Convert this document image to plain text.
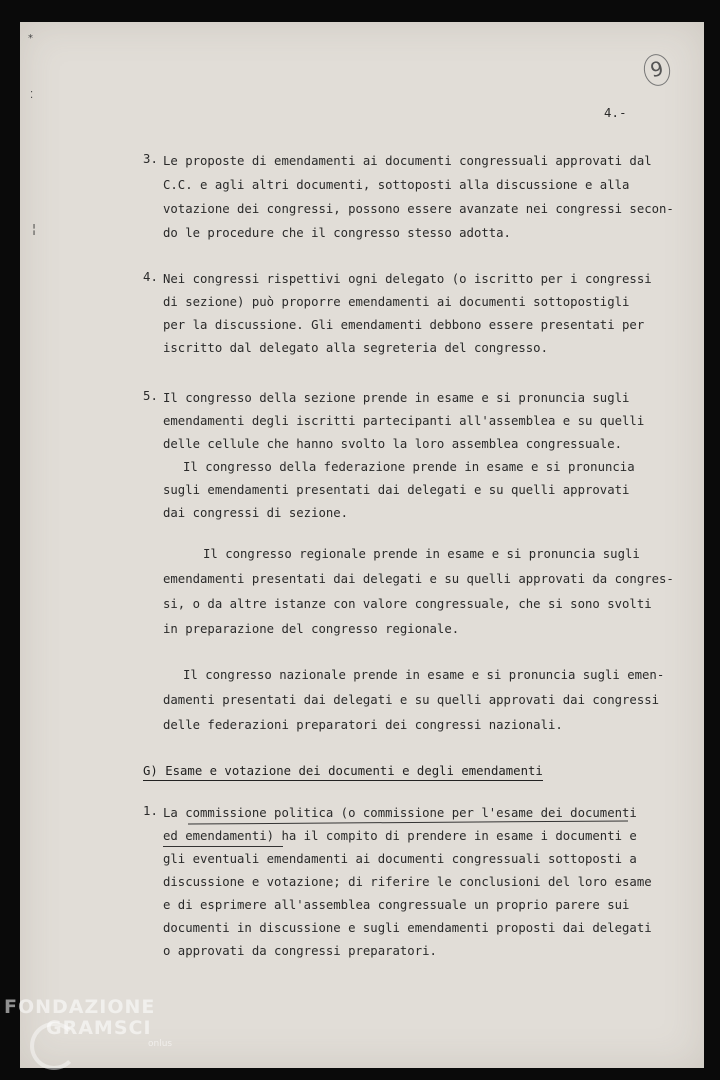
9
4.-
⁎
⁚
¦
3. Le proposte di emendamenti ai documenti congressuali approvati dal
C.C. e agli altri documenti, sottoposti alla discussione e alla
votazione dei congressi, possono essere avanzate nei congressi secon-
do le procedure che il congresso stesso adotta.
4. Nei congressi rispettivi ogni delegato (o iscritto per i congressi
di sezione) può proporre emendamenti ai documenti sottopostigli
per la discussione. Gli emendamenti debbono essere presentati per
iscritto dal delegato alla segreteria del congresso.
5. Il congresso della sezione prende in esame e si pronuncia sugli
emendamenti degli iscritti partecipanti all'assemblea e su quelli
delle cellule che hanno svolto la loro assemblea congressuale.
Il congresso della federazione prende in esame e si pronuncia
sugli emendamenti presentati dai delegati e su quelli approvati
dai congressi di sezione.
Il congresso regionale prende in esame e si pronuncia sugli
emendamenti presentati dai delegati e su quelli approvati da congres-
si, o da altre istanze con valore congressuale, che si sono svolti
in preparazione del congresso regionale.
Il congresso nazionale prende in esame e si pronuncia sugli emen-
damenti presentati dai delegati e su quelli approvati dai congressi
delle federazioni preparatori dei congressi nazionali.
G) Esame e votazione dei documenti e degli emendamenti
1. La commissione politica (o commissione per l'esame dei documenti
ed emendamenti) ha il compito di prendere in esame i documenti e
gli eventuali emendamenti ai documenti congressuali sottoposti a
discussione e votazione; di riferire le conclusioni del loro esame
e di esprimere all'assemblea congressuale un proprio parere sui
documenti in discussione e sugli emendamenti proposti dai delegati
o approvati da congressi preparatori.
FONDAZIONE
GRAMSCI
onlus
